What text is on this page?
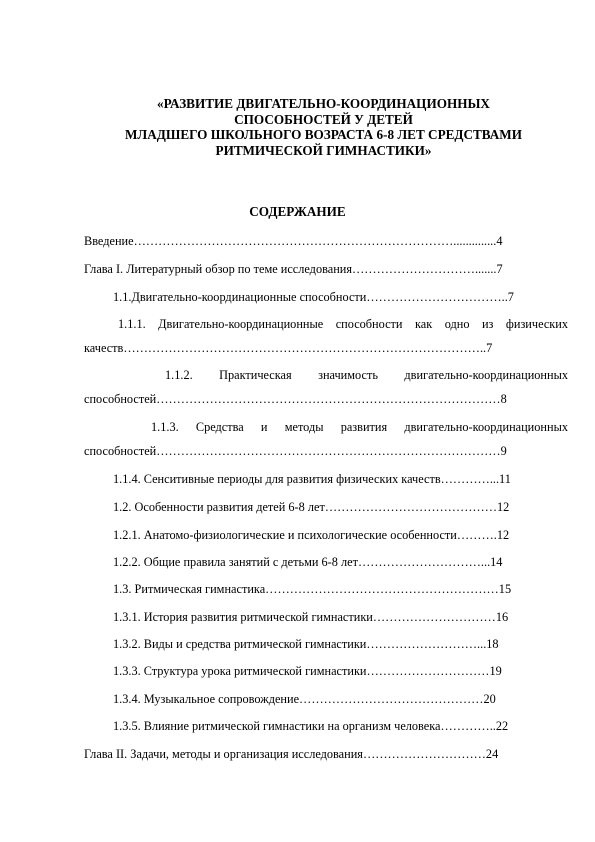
«РАЗВИТИЕ ДВИГАТЕЛЬНО-КООРДИНАЦИОННЫХ
СПОСОБНОСТЕЙ У ДЕТЕЙ
МЛАДШЕГО ШКОЛЬНОГО ВОЗРАСТА 6-8 ЛЕТ СРЕДСТВАМИ
РИТМИЧЕСКОЙ ГИМНАСТИКИ»
СОДЕРЖАНИЕ
Введение……………………………………………………………………..............4
Глава I. Литературный обзор по теме исследования………………………….......7
1.1.Двигательно-координационные способности……………………………..7
1.1.1. Двигательно-координационные способности как одно из физических
качеств……………………………………………………………………………..7
1.1.2. Практическая значимость двигательно-координационных
способностей…………………………………………………………………………8
1.1.3. Средства и методы развития двигательно-координационных
способностей…………………………………………………………………………9
1.1.4. Сенситивные периоды для развития физических качеств…………...11
1.2. Особенности развития детей 6-8 лет……………………………………12
1.2.1. Анатомо-физиологические и психологические особенности……….12
1.2.2. Общие правила занятий с детьми 6-8 лет…………………………...14
1.3. Ритмическая гимнастика…………………………………………………15
1.3.1. История развития ритмической гимнастики…………………………16
1.3.2. Виды и средства ритмической гимнастики………………………...18
1.3.3. Структура урока ритмической гимнастики…………………………19
1.3.4. Музыкальное сопровождение………………………………………20
1.3.5. Влияние ритмической гимнастики на организм человека…………..22
Глава II. Задачи, методы и организация исследования…………………………24
